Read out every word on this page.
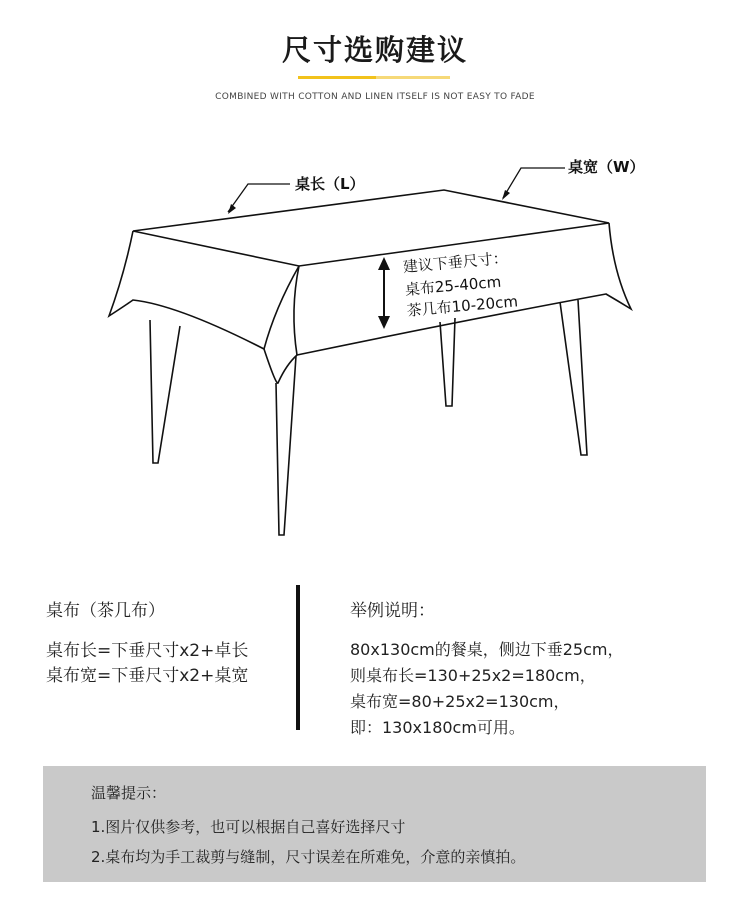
尺寸选购建议
COMBINED WITH COTTON AND LINEN ITSELF IS NOT EASY TO FADE
桌长（L）
桌宽（W）
建议下垂尺寸：
桌布25-40cm
茶几布10-20cm
桌布（茶几布）
桌布长=下垂尺寸x2+卓长
桌布宽=下垂尺寸x2+桌宽
举例说明：
80x130cm的餐桌，侧边下垂25cm，
则桌布长=130+25x2=180cm，
桌布宽=80+25x2=130cm，
即：130x180cm可用。
温馨提示：
1.图片仅供参考，也可以根据自己喜好选择尺寸
2.桌布均为手工裁剪与缝制，尺寸误差在所难免，介意的亲慎拍。
